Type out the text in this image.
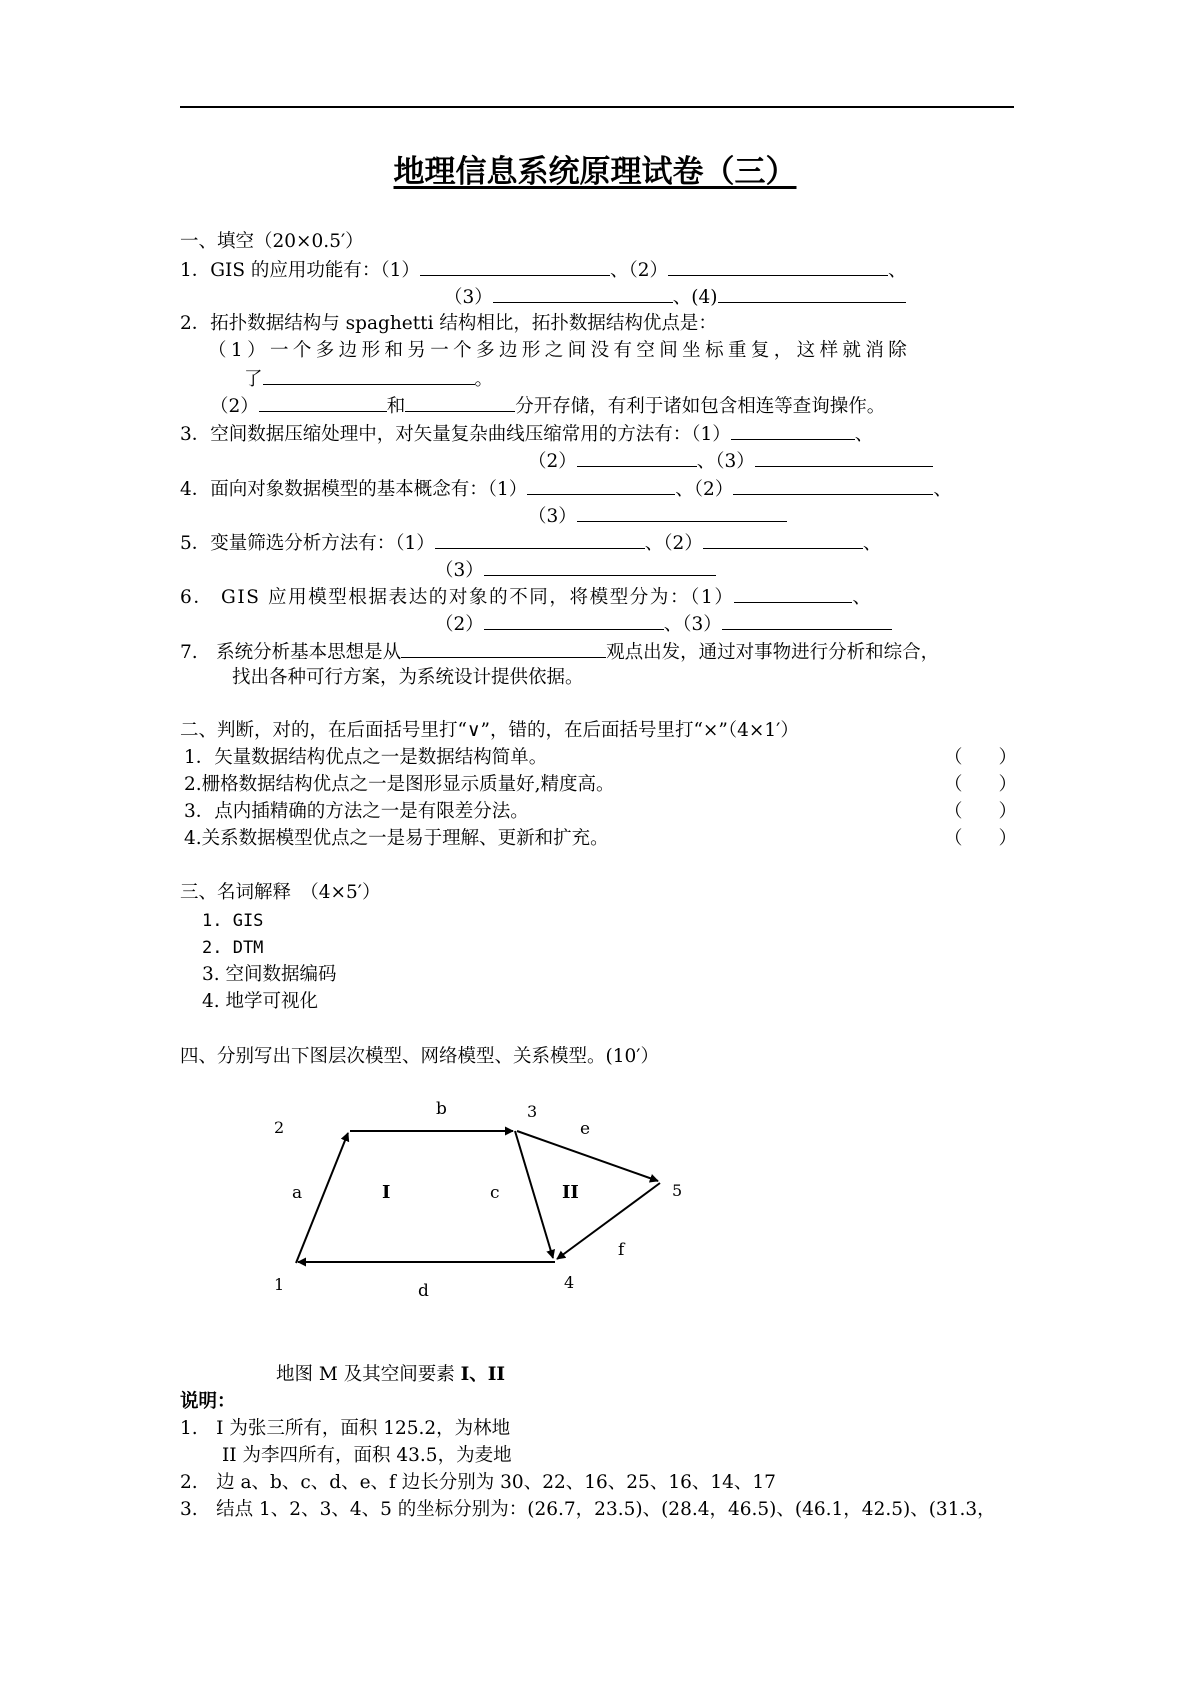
地理信息系统原理试卷（三）
一、填空（20×0.5′）
1．GIS 的应用功能有：（1）	、（2）	、
（3）	、(4)
2．拓扑数据结构与 spaghetti 结构相比，拓扑数据结构优点是：
（1）一个多边形和另一个多边形之间没有空间坐标重复，这样就消除
了	。
（2）	和	分开存储，有利于诸如包含相连等查询操作。
3．空间数据压缩处理中，对矢量复杂曲线压缩常用的方法有：（1）	、
（2）	、（3）
4．面向对象数据模型的基本概念有：（1）	、（2）	、
（3）
5．变量筛选分析方法有：（1）	、（2）	、
（3）
6． GIS 应用模型根据表达的对象的不同，将模型分为：（1）	、
（2）	、（3）
7.　系统分析基本思想是从	观点出发，通过对事物进行分析和综合，
找出各种可行方案，为系统设计提供依据。
二、判断，对的，在后面括号里打“∨”，错的，在后面括号里打“×”（4×1′）
1．矢量数据结构优点之一是数据结构简单。
2.栅格数据结构优点之一是图形显示质量好,精度高。
3．点内插精确的方法之一是有限差分法。
4.关系数据模型优点之一是易于理解、更新和扩充。
（ ）
（ ）
（ ）
（ ）
三、名词解释　（4×5′）
1. GIS
2. DTM
3. 空间数据编码
4. 地学可视化
四、分别写出下图层次模型、网络模型、关系模型。(10′）
1
2
3
4
5
a
b
c
d
e
f
I	II
地图 M 及其空间要素 I、II
说明：
1.　I 为张三所有，面积 125.2，为林地
II 为李四所有，面积 43.5，为麦地
2.　边 a、b、c、d、e、f 边长分别为 30、22、16、25、16、14、17
3.　结点 1、2、3、4、5 的坐标分别为：(26.7，23.5)、(28.4，46.5)、(46.1，42.5)、(31.3，
